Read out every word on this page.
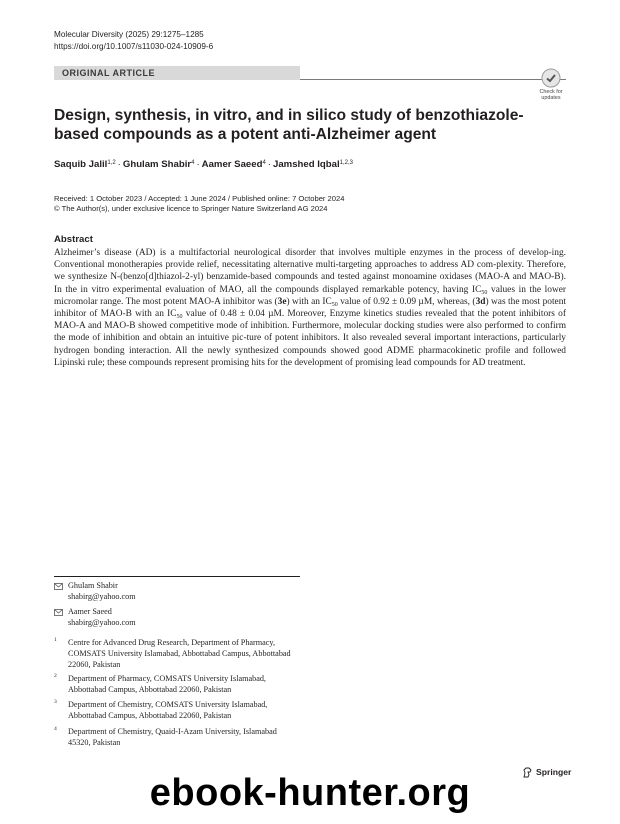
Molecular Diversity (2025) 29:1275–1285
https://doi.org/10.1007/s11030-024-10909-6
ORIGINAL ARTICLE
Check for
updates
Design, synthesis, in vitro, and in silico study of benzothiazole-based compounds as a potent anti-Alzheimer agent
Saquib Jalil$^{1,2}$ · Ghulam Shabir$^4$ · Aamer Saeed$^4$ · Jamshed Iqbal$^{1,2,3}$
Received: 1 October 2023 / Accepted: 1 June 2024 / Published online: 7 October 2024
© The Author(s), under exclusive licence to Springer Nature Switzerland AG 2024
Abstract
Alzheimer’s disease (AD) is a multifactorial neurological disorder that involves multiple enzymes in the process of develop-ing. Conventional monotherapies provide relief, necessitating alternative multi-targeting approaches to address AD com-plexity. Therefore, we synthesize N-(benzo[d]thiazol-2-yl) benzamide-based compounds and tested against monoamine oxidases (MAO-A and MAO-B). In the in vitro experimental evaluation of MAO, all the compounds displayed remarkable potency, having $IC_{50}$ values in the lower micromolar range. The most potent MAO-A inhibitor was (3e) with an $IC_{50}$ value of 0.92 ± 0.09 µM, whereas, (3d) was the most potent inhibitor of MAO-B with an $IC_{50}$ value of 0.48 ± 0.04 µM. Moreover, Enzyme kinetics studies revealed that the potent inhibitors of MAO-A and MAO-B showed competitive mode of inhibition. Furthermore, molecular docking studies were also performed to confirm the mode of inhibition and obtain an intuitive pic-ture of potent inhibitors. It also revealed several important interactions, particularly hydrogen bonding interaction. All the newly synthesized compounds showed good ADME pharmacokinetic profile and followed Lipinski rule; these compounds represent promising hits for the development of promising lead compounds for AD treatment.
Ghulam Shabir
shabirg@yahoo.com
Aamer Saeed
shabirg@yahoo.com
1 Centre for Advanced Drug Research, Department of Pharmacy, COMSATS University Islamabad, Abbottabad Campus, Abbottabad 22060, Pakistan
2 Department of Pharmacy, COMSATS University Islamabad, Abbottabad Campus, Abbottabad 22060, Pakistan
3 Department of Chemistry, COMSATS University Islamabad, Abbottabad Campus, Abbottabad 22060, Pakistan
4 Department of Chemistry, Quaid-I-Azam University, Islamabad 45320, Pakistan
Springer
ebook-hunter.org
